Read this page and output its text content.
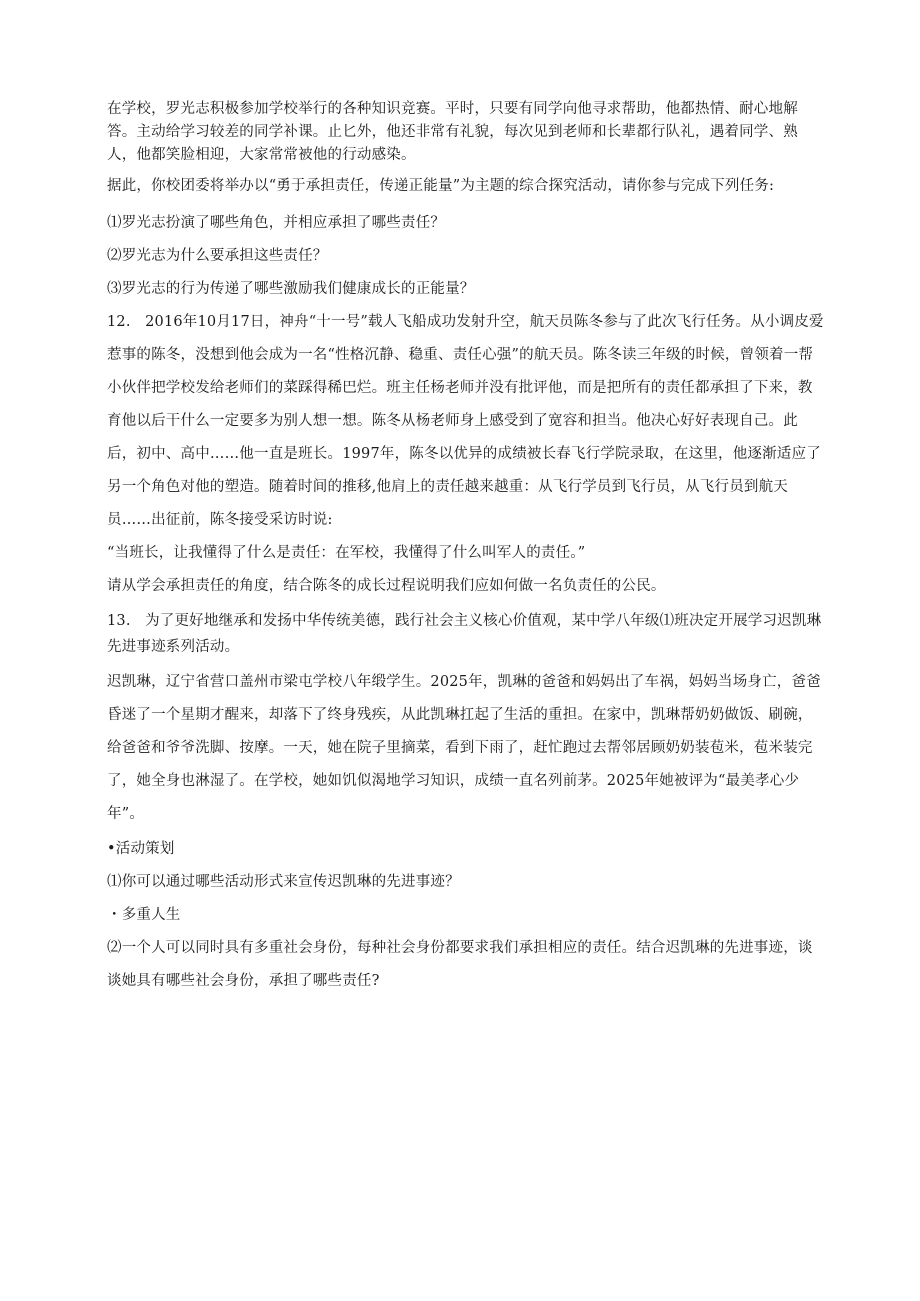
在学校，罗光志积极参加学校举行的各种知识竞赛。平时，只要有同学向他寻求帮助，他都热情、耐心地解答。主动给学习较差的同学补课。止匕外，他还非常有礼貌，每次见到老师和长辈都行队礼，遇着同学、熟人，他都笑脸相迎，大家常常被他的行动感染。

据此，你校团委将举办以“勇于承担责任，传递正能量”为主题的综合探究活动，请你参与完成下列任务:

⑴罗光志扮演了哪些角色，并相应承担了哪些责任？

⑵罗光志为什么要承担这些责任？

⑶罗光志的行为传递了哪些激励我们健康成长的正能量？

12.   2016年10月17日，神舟“十一号”载人飞船成功发射升空，航天员陈冬参与了此次飞行任务。从小调皮爱惹事的陈冬，没想到他会成为一名“性格沉静、稳重、责任心强”的航天员。陈冬读三年级的时候，曾领着一帮小伙伴把学校发给老师们的菜踩得稀巴烂。班主任杨老师并没有批评他，而是把所有的责任都承担了下来，教育他以后干什么一定要多为别人想一想。陈冬从杨老师身上感受到了宽容和担当。他决心好好表现自己。此后，初中、高中……他一直是班长。1997年，陈冬以优异的成绩被长春飞行学院录取，在这里，他逐渐适应了另一个角色对他的塑造。随着时间的推移,他肩上的责任越来越重：从飞行学员到飞行员，从飞行员到航天员……出征前，陈冬接受采访时说:

“当班长，让我懂得了什么是责任：在军校，我懂得了什么叫军人的责任。”

请从学会承担责任的角度，结合陈冬的成长过程说明我们应如何做一名负责任的公民。

13.   为了更好地继承和发扬中华传统美德，践行社会主义核心价值观，某中学八年级⑴班决定开展学习迟凯琳先进事迹系列活动。

迟凯琳，辽宁省营口盖州市梁屯学校八年缎学生。2025年，凯琳的爸爸和妈妈出了车祸，妈妈当场身亡，爸爸昏迷了一个星期才醒来，却落下了终身残疾，从此凯琳扛起了生活的重担。在家中，凯琳帮奶奶做饭、刷碗，给爸爸和爷爷洗脚、按摩。一天，她在院子里摘菜，看到下雨了，赶忙跑过去帮邻居顾奶奶装苞米，苞米装完了，她全身也淋湿了。在学校，她如饥似渴地学习知识，成绩一直名列前茅。2025年她被评为“最美孝心少年”。

•活动策划

⑴你可以通过哪些活动形式来宣传迟凯琳的先进事迹？

・多重人生

⑵一个人可以同时具有多重社会身份，每种社会身份都要求我们承担相应的责任。结合迟凯琳的先进事迹，谈谈她具有哪些社会身份，承担了哪些责任?
